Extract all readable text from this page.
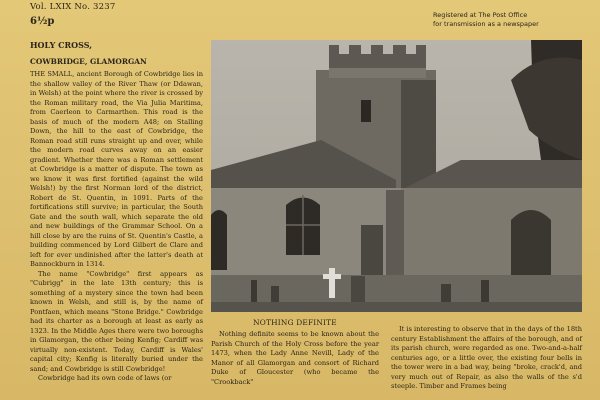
Vol. LXIX No. 3237
6½p
Registered at The Post Office
for transmission as a newspaper

HOLY CROSS,

COWBRIDGE, GLAMORGAN

THE SMALL, ancient Borough of Cowbridge lies in the shallow valley of the River Thaw (or Ddawan, in Welsh) at the point where the river is crossed by the Roman military road, the Via Julia Maritima, from Caerleon to Carmarthen. This road is the basis of much of the modern A48; on Stalling Down, the hill to the east of Cowbridge, the Roman road still runs straight up and over, while the modern road curves away on an easier gradient. Whether there was a Roman settlement at Cowbridge is a matter of dispute. The town as we know it was first fortified (against the wild Welsh!) by the first Norman lord of the district, Robert de St. Quentin, in 1091. Parts of the fortifications still survive; in particular, the South Gate and the south wall, which separate the old and new buildings of the Grammar School. On a hill close by are the ruins of St. Quentin's Castle, a building commenced by Lord Gilbert de Clare and left for ever undinished after the latter's death at Bannockburn in 1314.

The name "Cowbridge" first appears as "Cubrigg" in the late 13th century; this is something of a mystery since the town had been known in Welsh, and still is, by the name of Pontfaen, which means "Stone Bridge." Cowbridge had its charter as a borough at least as early as 1323. In the Middle Ages there were two boroughs in Glamorgan, the other being Kenfig; Cardiff was virtually non-existent. Today, Cardiff is Wales' capital city; Kenfig is literally buried under the sand; and Cowbridge is still Cowbridge!

Cowbridge had its own code of laws (or

NOTHING DEFINITE

Nothing definite seems to be known about the Parish Church of the Holy Cross before the year 1473, when the Lady Anne Nevill, Lady of the Manor of all Glamorgan and consort of Richard Duke of Gloucester (who became the "Crookback"

It is interesting to observe that in the days of the 18th century Establishment the affairs of the borough, and of its parish church, were regarded as one. Two-and-a-half centuries ago, or a little over, the existing four bells in the tower were in a bad way, being "broke, crack'd, and very much out of Repair, as also the walls of the s'd steeple. Timber and Frames being
